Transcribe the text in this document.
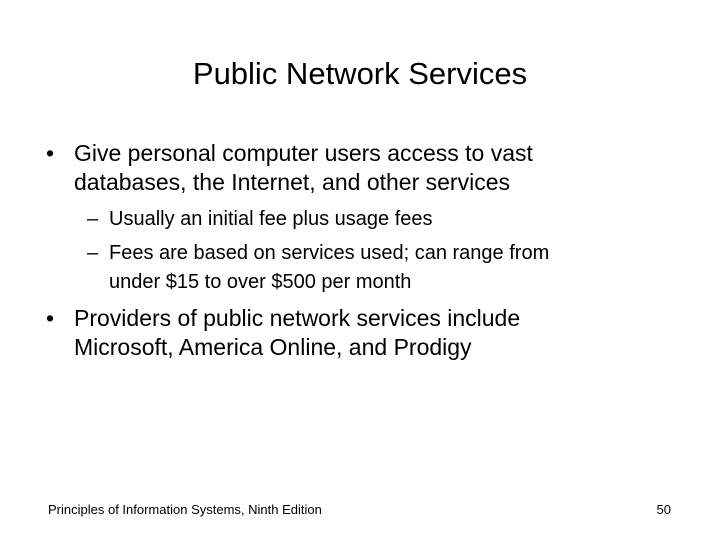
Public Network Services
• Give personal computer users access to vast
databases, the Internet, and other services
– Usually an initial fee plus usage fees
– Fees are based on services used; can range from
under $15 to over $500 per month
• Providers of public network services include
Microsoft, America Online, and Prodigy
Principles of Information Systems, Ninth Edition	50
